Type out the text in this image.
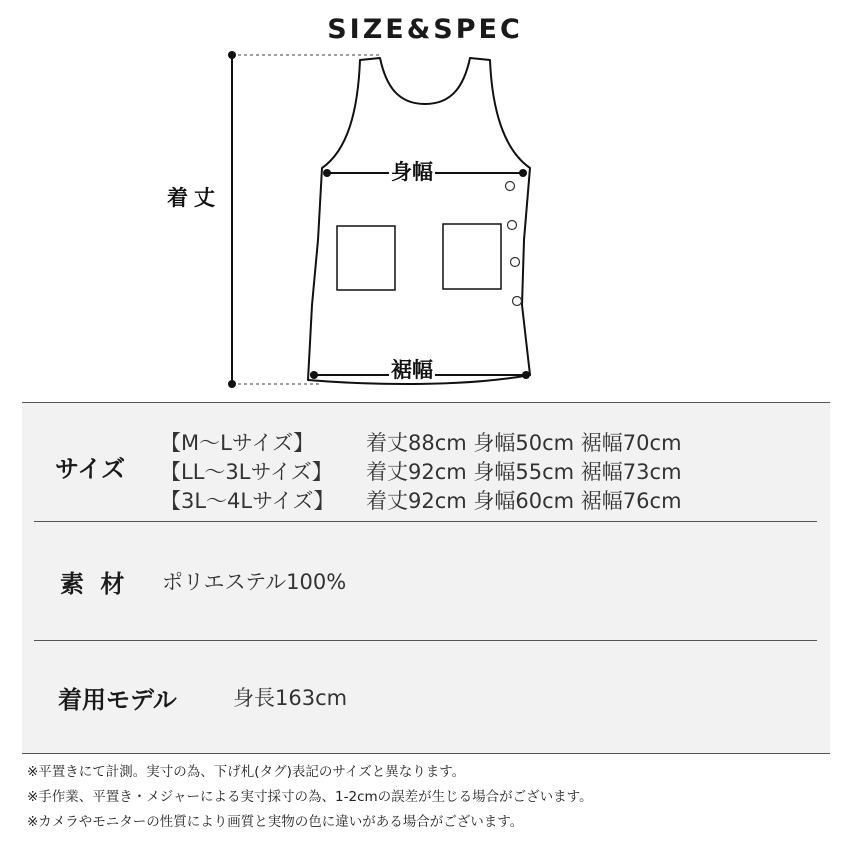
SIZE&SPEC
着丈
身幅
裾幅
サイズ
【M〜Lサイズ】 着丈88cm 身幅50cm 裾幅70cm
【LL〜3Lサイズ】 着丈92cm 身幅55cm 裾幅73cm
【3L〜4Lサイズ】 着丈92cm 身幅60cm 裾幅76cm
素 材 ポリエステル100%
着用モデル	身長163cm
※平置きにて計測。実寸の為、下げ札(タグ)表記のサイズと異なります。
※手作業、平置き・メジャーによる実寸採寸の為、1-2cmの誤差が生じる場合がございます。
※カメラやモニターの性質により画質と実物の色に違いがある場合がございます。
